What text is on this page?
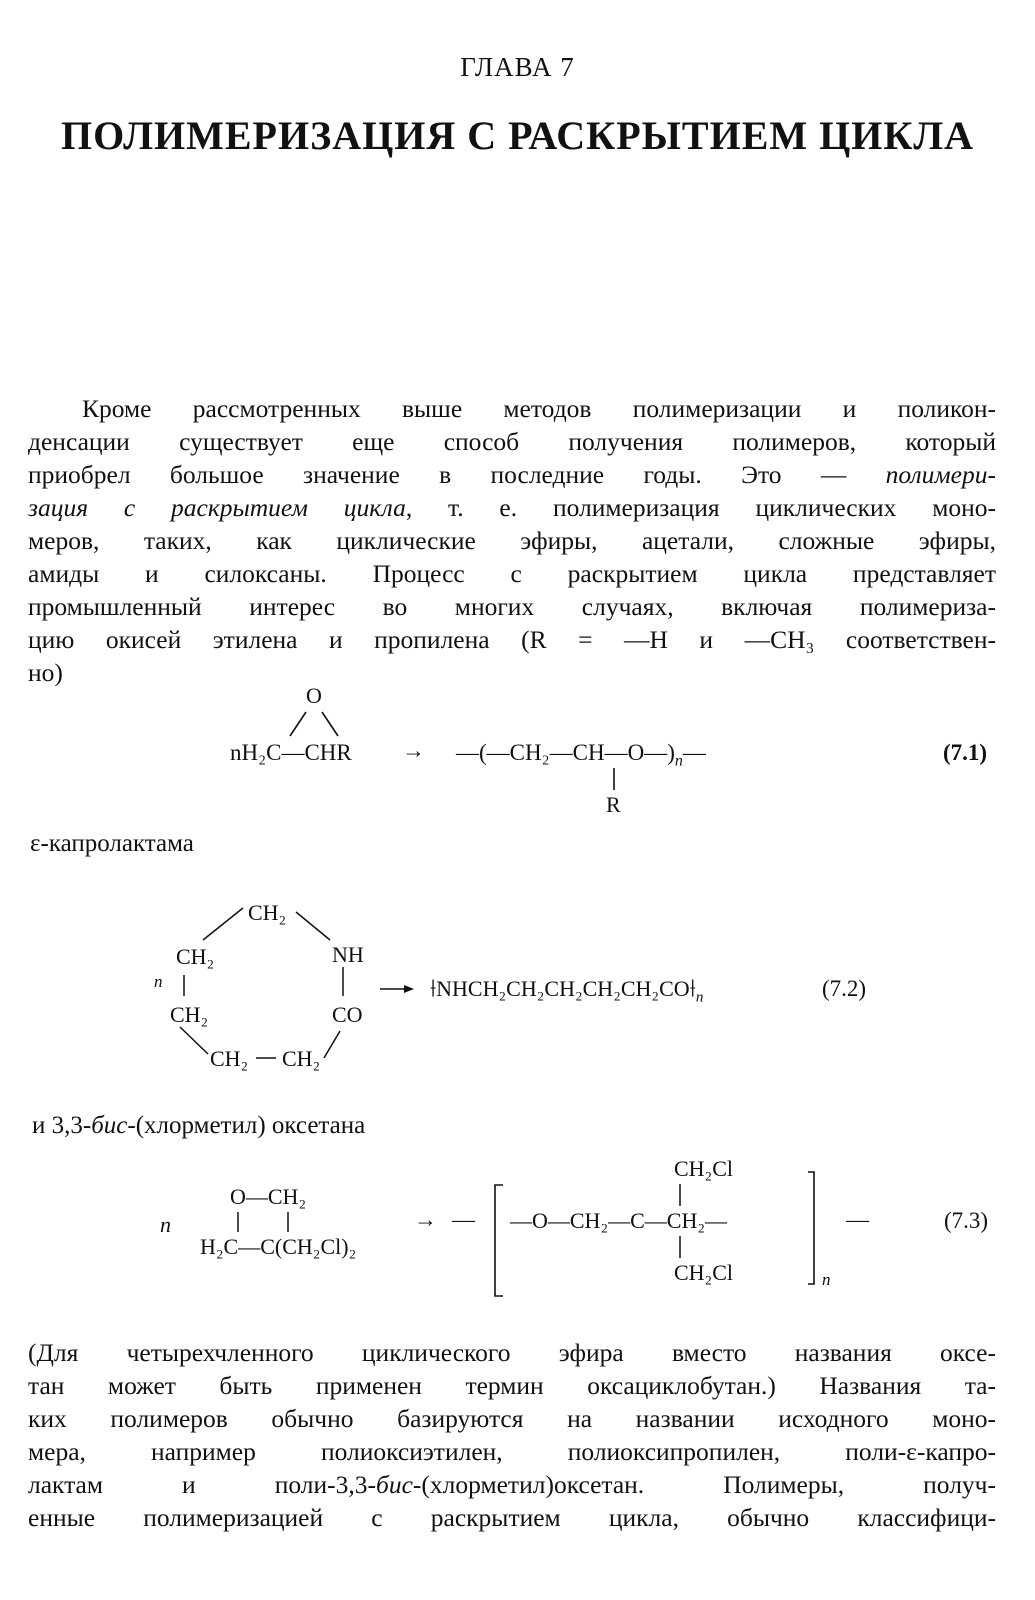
ГЛАВА 7
ПОЛИМЕРИЗАЦИЯ С РАСКРЫТИЕМ ЦИКЛА
Кроме рассмотренных выше методов полимеризации и поликон-
денсации существует еще способ получения полимеров, который
приобрел большое значение в последние годы. Это — полимери-
зация с раскрытием цикла, т. е. полимеризация циклических моно-
меров, таких, как циклические эфиры, ацетали, сложные эфиры,
амиды и силоксаны. Процесс с раскрытием цикла представляет
промышленный интерес во многих случаях, включая полимериза-
цию окисей этилена и пропилена (R = —H и —CH₃ соответствен-
но)
O
nH₂C—CHR → $—(—CH_2—CH—O—)_n—$
R
(7.1)
ε-капролактама
CH₂
CH₂	NH
n
CH₂	CO
CH₂ CH₂
$⟊NHCH_2CH_2CH_2CH_2CH_2CO⟊_n$	(7.2)
и 3,3-бис-(хлорметил) оксетана
n
O—CH₂
H₂C—C(CH₂Cl)₂
→ — —O—CH₂—C—CH₂—
CH₂Cl
CH₂Cl	n
—	(7.3)
(Для четырехчленного циклического эфира вместо названия оксе-
тан может быть применен термин оксациклобутан.) Названия та-
ких полимеров обычно базируются на названии исходного моно-
мера, например полиоксиэтилен, полиоксипропилен, поли-ε-капро-
лактам и поли-3,3-бис-(хлорметил)оксетан. Полимеры, получ-
енные полимеризацией с раскрытием цикла, обычно классифици-
